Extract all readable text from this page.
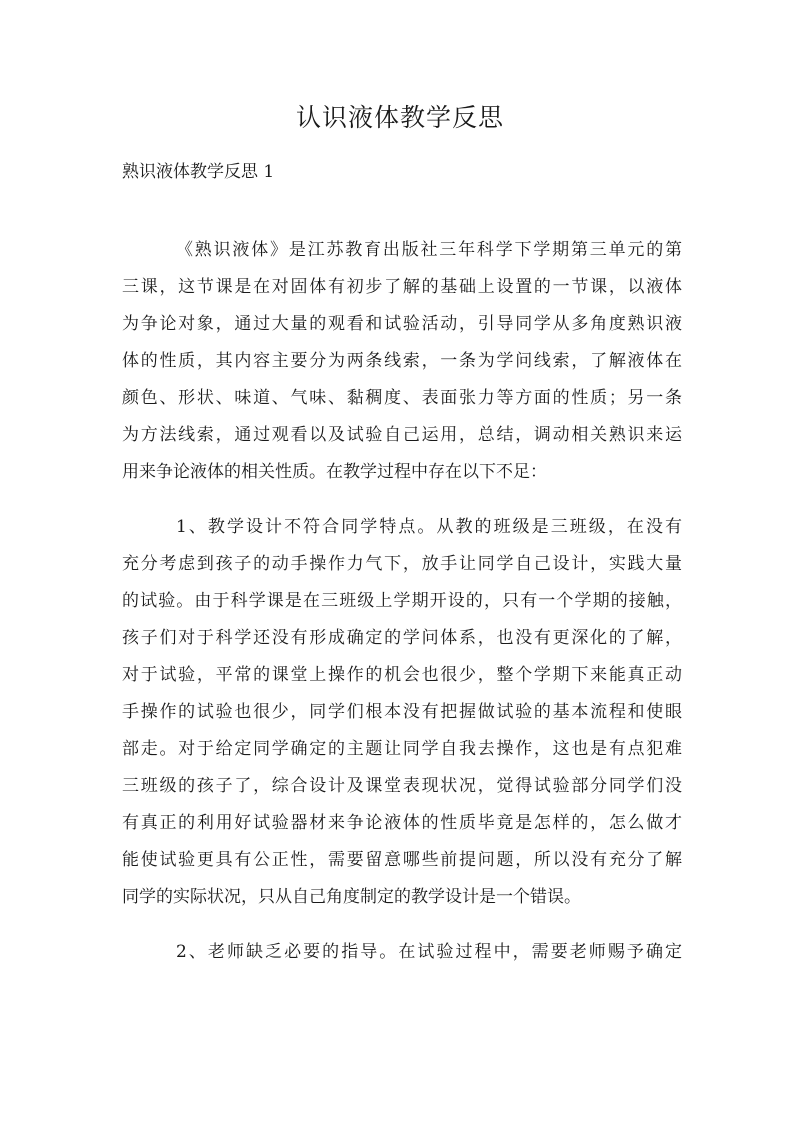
认识液体教学反思
熟识液体教学反思 1
《熟识液体》是江苏教育出版社三年科学下学期第三单元的第
三课，这节课是在对固体有初步了解的基础上设置的一节课，以液体
为争论对象，通过大量的观看和试验活动，引导同学从多角度熟识液
体的性质，其内容主要分为两条线索，一条为学问线索，了解液体在
颜色、形状、味道、气味、黏稠度、表面张力等方面的性质；另一条
为方法线索，通过观看以及试验自己运用，总结，调动相关熟识来运
用来争论液体的相关性质。在教学过程中存在以下不足：
1、教学设计不符合同学特点。从教的班级是三班级，在没有
充分考虑到孩子的动手操作力气下，放手让同学自己设计，实践大量
的试验。由于科学课是在三班级上学期开设的，只有一个学期的接触，
孩子们对于科学还没有形成确定的学问体系，也没有更深化的了解，
对于试验，平常的课堂上操作的机会也很少，整个学期下来能真正动
手操作的试验也很少，同学们根本没有把握做试验的基本流程和使眼
部走。对于给定同学确定的主题让同学自我去操作，这也是有点犯难
三班级的孩子了，综合设计及课堂表现状况，觉得试验部分同学们没
有真正的利用好试验器材来争论液体的性质毕竟是怎样的，怎么做才
能使试验更具有公正性，需要留意哪些前提问题，所以没有充分了解
同学的实际状况，只从自己角度制定的教学设计是一个错误。
2、老师缺乏必要的指导。在试验过程中，需要老师赐予确定
